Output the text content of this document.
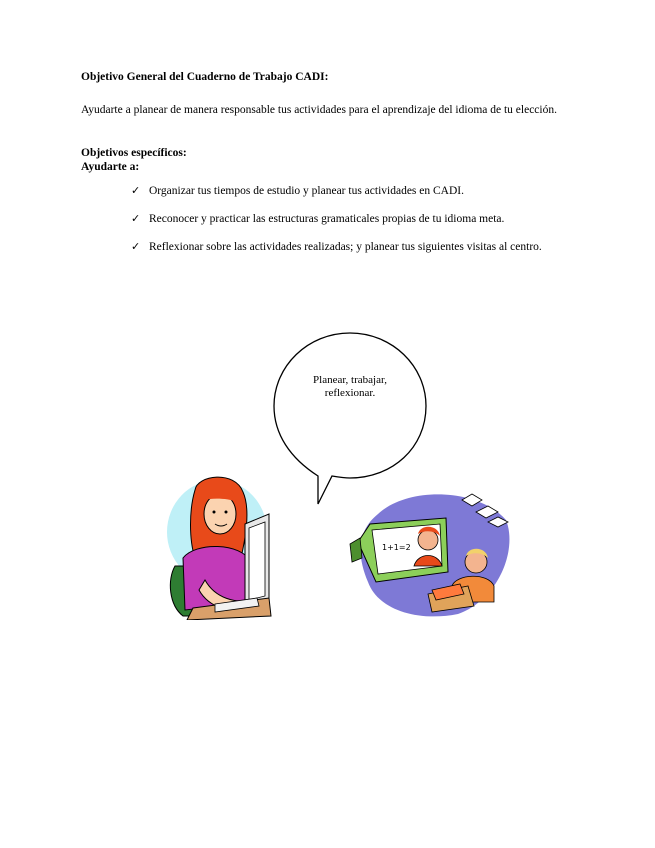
Objetivo General del Cuaderno de Trabajo CADI:
Ayudarte a planear de manera responsable tus actividades para el aprendizaje del idioma de tu elección.
Objetivos específicos:
Ayudarte a:
✓ Organizar tus tiempos de estudio y planear tus actividades en CADI.
✓ Reconocer y practicar las estructuras gramaticales propias de tu idioma meta.
✓ Reflexionar sobre las actividades realizadas; y planear tus siguientes visitas al centro.
Planear, trabajar,
reflexionar.
1+1=2
